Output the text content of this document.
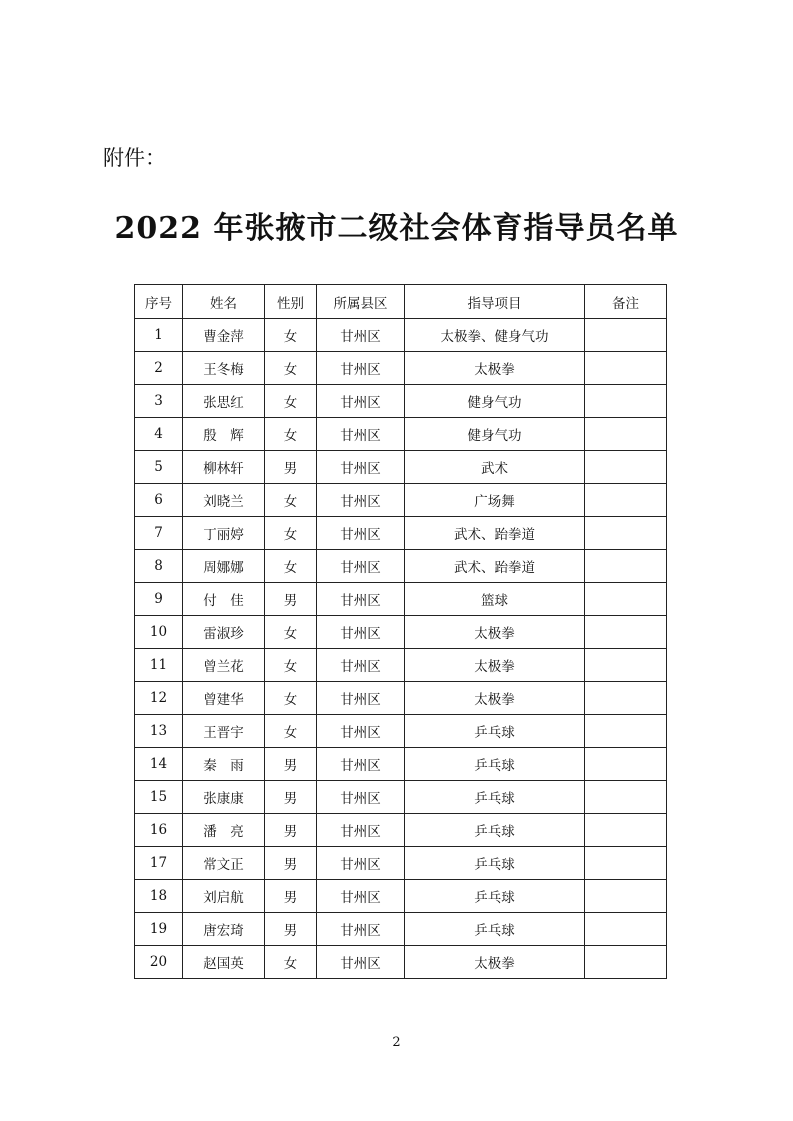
附件：
2022 年张掖市二级社会体育指导员名单
序号	姓名	性别	所属县区	指导项目	备注
1	曹金萍	女	甘州区	太极拳、健身气功	
2	王冬梅	女	甘州区	太极拳	
3	张思红	女	甘州区	健身气功	
4	殷　辉	女	甘州区	健身气功	
5	柳林轩	男	甘州区	武术	
6	刘晓兰	女	甘州区	广场舞	
7	丁丽婷	女	甘州区	武术、跆拳道	
8	周娜娜	女	甘州区	武术、跆拳道	
9	付　佳	男	甘州区	篮球	
10	雷淑珍	女	甘州区	太极拳	
11	曾兰花	女	甘州区	太极拳	
12	曾建华	女	甘州区	太极拳	
13	王晋宇	女	甘州区	乒乓球	
14	秦　雨	男	甘州区	乒乓球	
15	张康康	男	甘州区	乒乓球	
16	潘　亮	男	甘州区	乒乓球	
17	常文正	男	甘州区	乒乓球	
18	刘启航	男	甘州区	乒乓球	
19	唐宏琦	男	甘州区	乒乓球	
20	赵国英	女	甘州区	太极拳	
2
